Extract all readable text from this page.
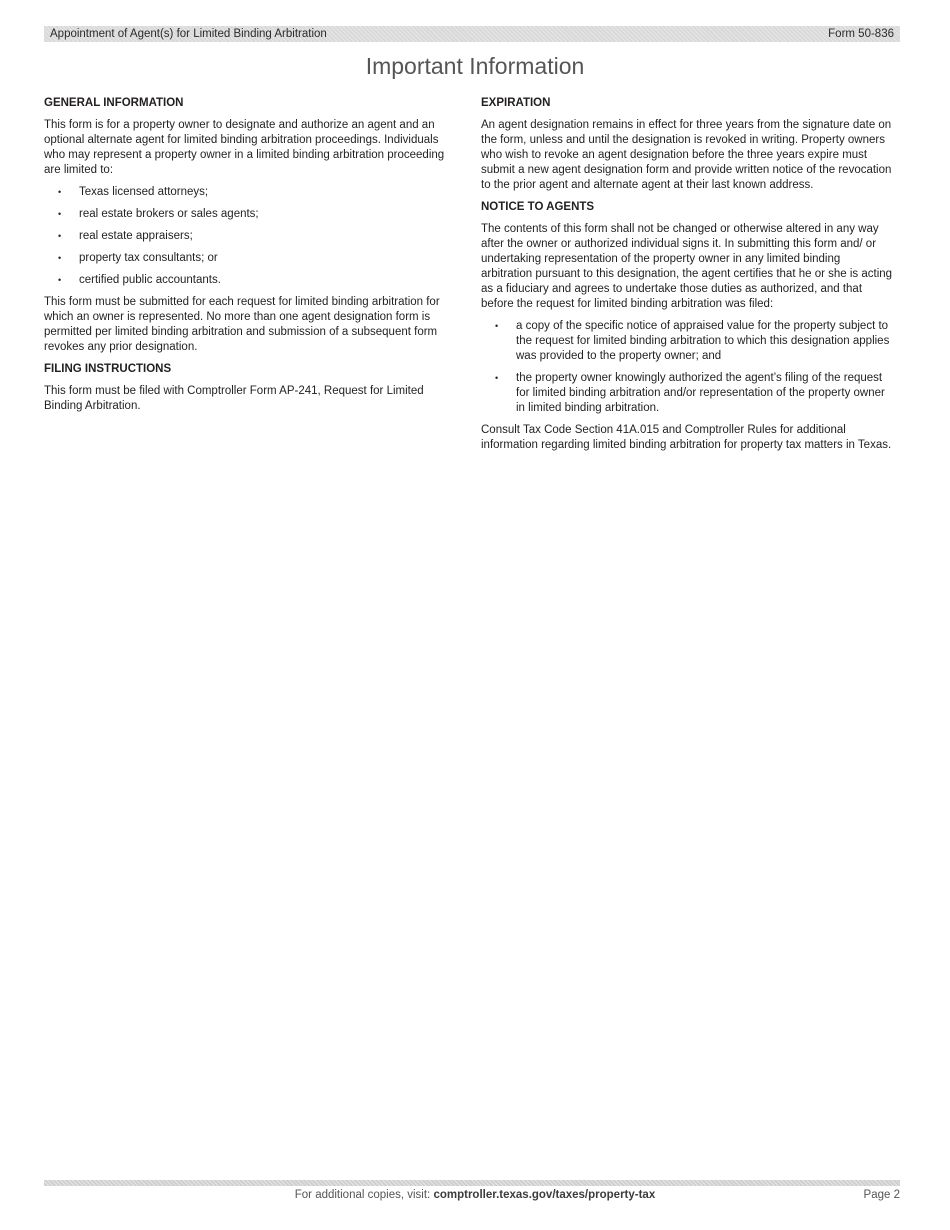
Appointment of Agent(s) for Limited Binding Arbitration	Form 50-836
Important Information
GENERAL INFORMATION

This form is for a property owner to designate and authorize an agent and an optional alternate agent for limited binding arbitration proceedings. Individuals who may represent a property owner in a limited binding arbitration proceeding are limited to:

• Texas licensed attorneys;
• real estate brokers or sales agents;
• real estate appraisers;
• property tax consultants; or
• certified public accountants.

This form must be submitted for each request for limited binding arbitration for which an owner is represented. No more than one agent designation form is permitted per limited binding arbitration and submission of a subsequent form revokes any prior designation.

FILING INSTRUCTIONS

This form must be filed with Comptroller Form AP-241, Request for Limited Binding Arbitration.

EXPIRATION

An agent designation remains in effect for three years from the signature date on the form, unless and until the designation is revoked in writing. Property owners who wish to revoke an agent designation before the three years expire must submit a new agent designation form and provide written notice of the revocation to the prior agent and alternate agent at their last known address.

NOTICE TO AGENTS

The contents of this form shall not be changed or otherwise altered in any way after the owner or authorized individual signs it. In submitting this form and/ or undertaking representation of the property owner in any limited binding arbitration pursuant to this designation, the agent certifies that he or she is acting as a fiduciary and agrees to undertake those duties as authorized, and that before the request for limited binding arbitration was filed:

• a copy of the specific notice of appraised value for the property subject to the request for limited binding arbitration to which this designation applies was provided to the property owner; and
• the property owner knowingly authorized the agent’s filing of the request for limited binding arbitration and/or representation of the property owner in limited binding arbitration.

Consult Tax Code Section 41A.015 and Comptroller Rules for additional information regarding limited binding arbitration for property tax matters in Texas.

For additional copies, visit: comptroller.texas.gov/taxes/property-tax	Page 2
